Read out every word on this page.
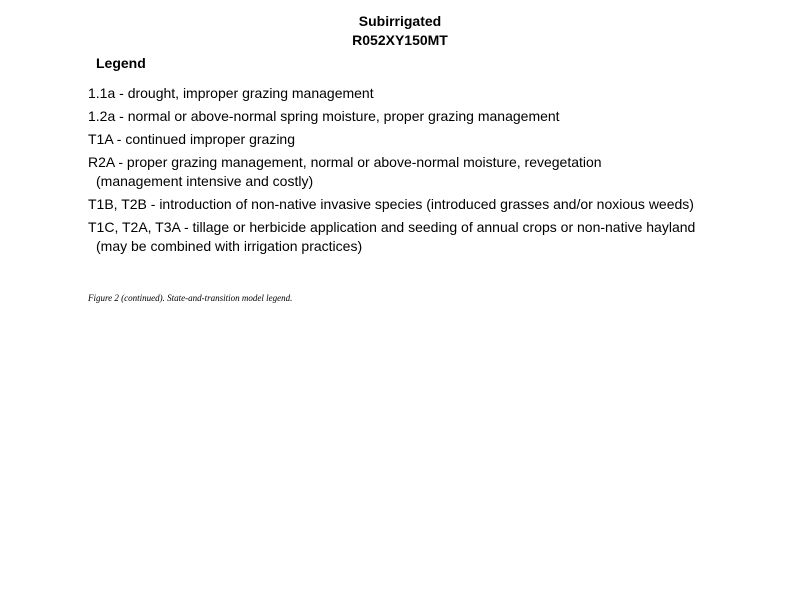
Subirrigated
R052XY150MT
Legend
1.1a - drought, improper grazing management
1.2a - normal or above-normal spring moisture, proper grazing management
T1A - continued improper grazing
R2A - proper grazing management, normal or above-normal moisture, revegetation
(management intensive and costly)
T1B, T2B - introduction of non-native invasive species (introduced grasses and/or noxious weeds)
T1C, T2A, T3A - tillage or herbicide application and seeding of annual crops or non-native hayland
(may be combined with irrigation practices)
Figure 2 (continued). State-and-transition model legend.
